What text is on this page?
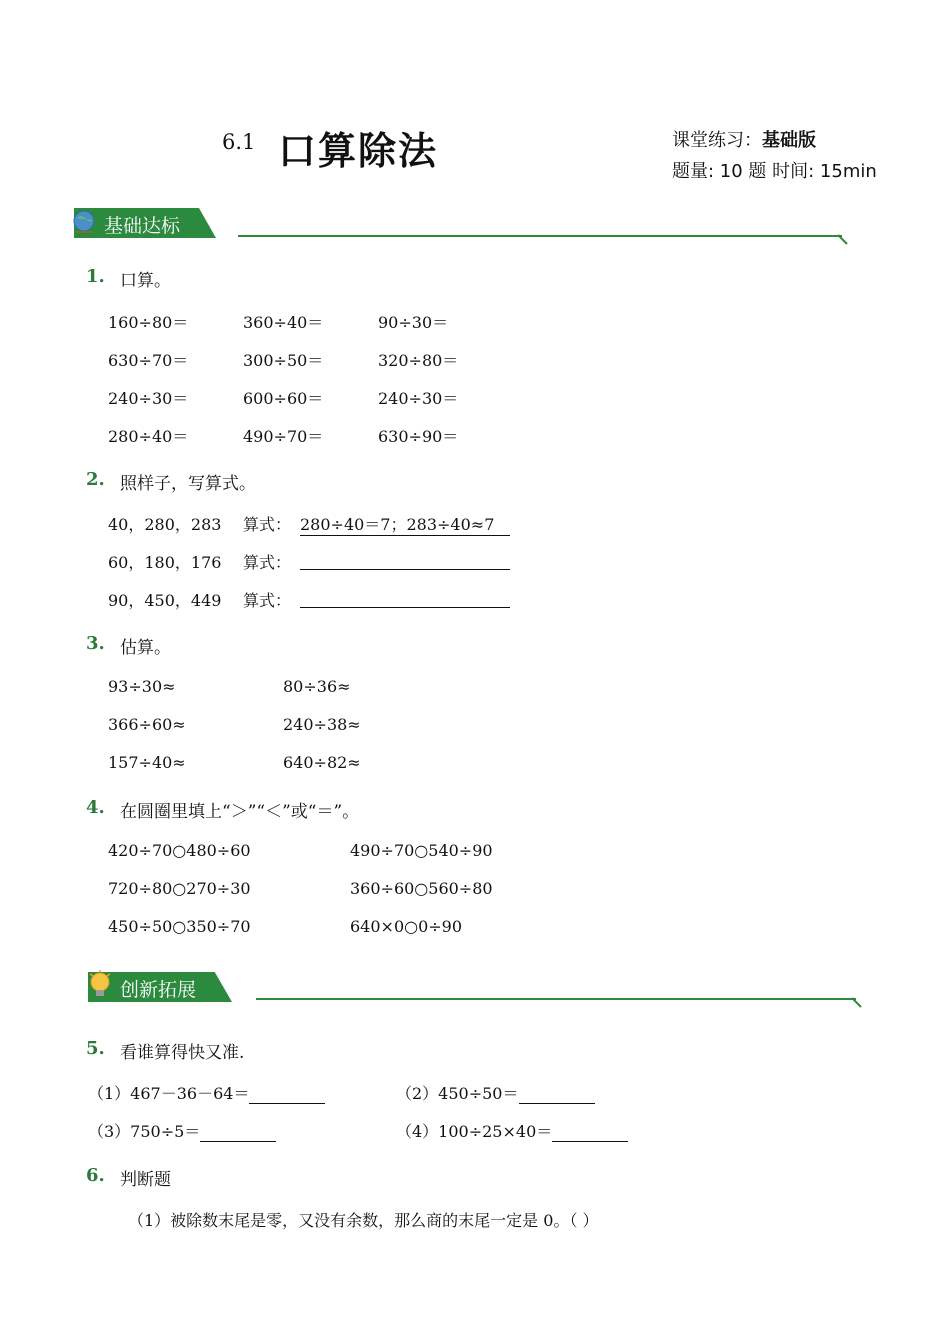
6.1 口算除法	课堂练习：基础版
题量: 10 题 时间: 15min
基础达标
1. 口算。
160÷80＝	360÷40＝	90÷30＝
630÷70＝	300÷50＝	320÷80＝
240÷30＝	600÷60＝	240÷30＝
280÷40＝	490÷70＝	630÷90＝
2. 照样子，写算式。
40，280，283 算式： 280÷40＝7；283÷40≈7
60，180，176 算式：
90，450，449 算式：
3. 估算。
93÷30≈	80÷36≈
366÷60≈	240÷38≈
157÷40≈	640÷82≈
4. 在圆圈里填上“＞”“＜”或“＝”。
420÷70○480÷60	490÷70○540÷90
720÷80○270÷30	360÷60○560÷80
450÷50○350÷70	640×0○0÷90
创新拓展
5. 看谁算得快又准.
（1）467－36－64＝	（2）450÷50＝
（3）750÷5＝	（4）100÷25×40＝
6. 判断题
（1）被除数末尾是零，又没有余数，那么商的末尾一定是 0。（ ）
